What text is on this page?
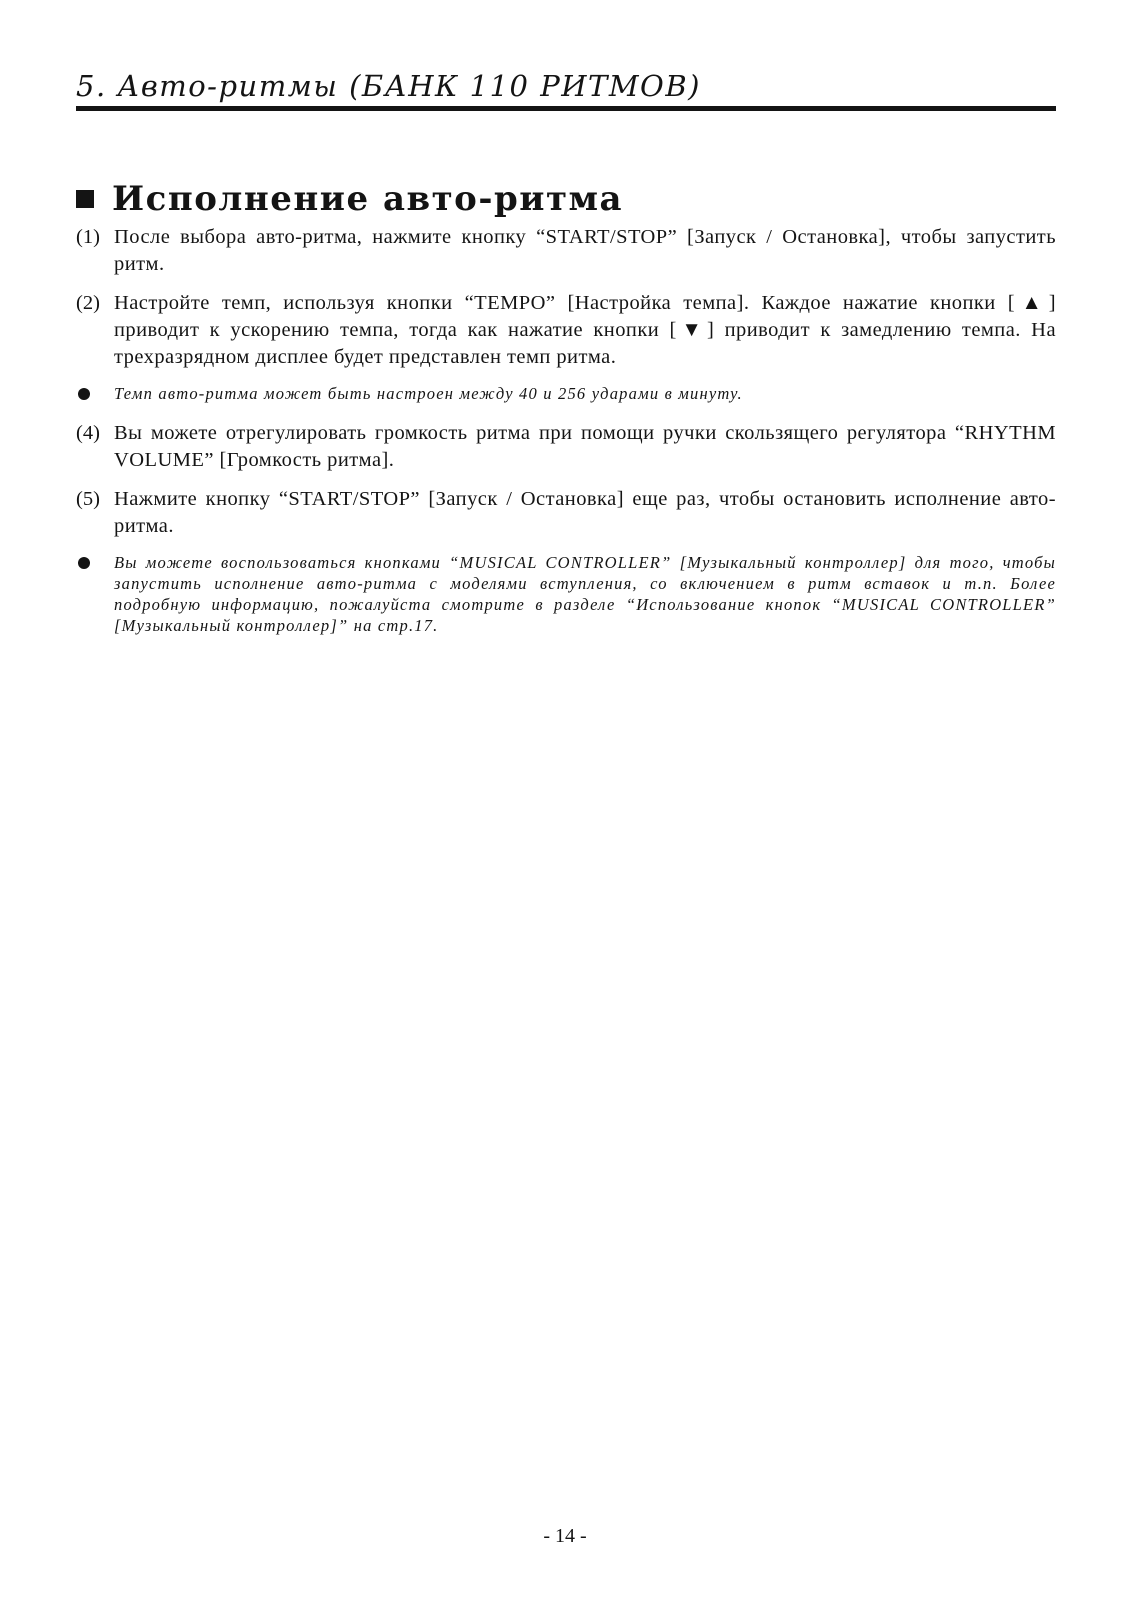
5. Авто-ритмы (БАНК 110 РИТМОВ)
Исполнение авто-ритма
(1) После выбора авто-ритма, нажмите кнопку “START/STOP” [Запуск / Остановка], чтобы запустить ритм.
(2) Настройте темп, используя кнопки “TEMPO” [Настройка темпа]. Каждое нажатие кнопки [▲] приводит к ускорению темпа, тогда как нажатие кнопки [▼] приводит к замедлению темпа. На трехразрядном дисплее будет представлен темп ритма.
Темп авто-ритма может быть настроен между 40 и 256 ударами в минуту.
(4) Вы можете отрегулировать громкость ритма при помощи ручки скользящего регулятора “RHYTHM VOLUME” [Громкость ритма].
(5) Нажмите кнопку “START/STOP” [Запуск / Остановка] еще раз, чтобы остановить исполнение авто-ритма.
Вы можете воспользоваться кнопками “MUSICAL CONTROLLER” [Музыкальный контроллер] для того, чтобы запустить исполнение авто-ритма с моделями вступления, со включением в ритм вставок и т.п. Более подробную информацию, пожалуйста смотрите в разделе “Использование кнопок “MUSICAL CONTROLLER” [Музыкальный контроллер]” на стр.17.
- 14 -
